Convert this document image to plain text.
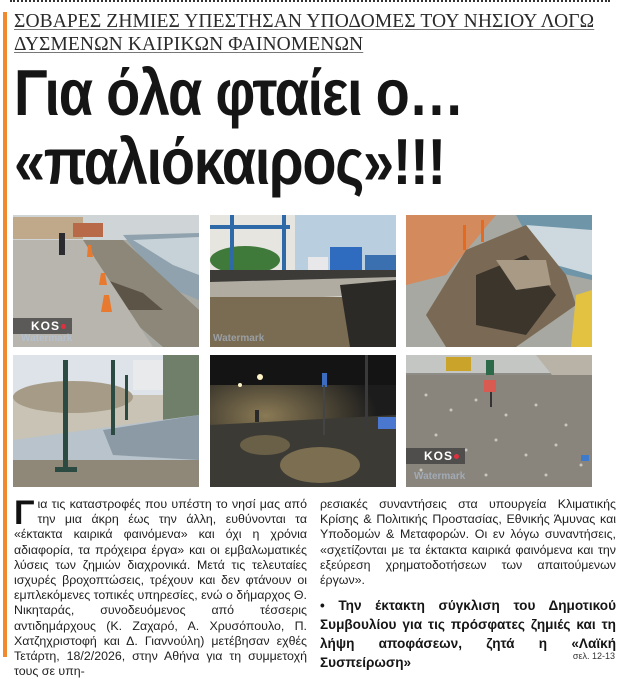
ΣΟΒΑΡΕΣ ΖΗΜΙΕΣ ΥΠΕΣΤΗΣΑΝ ΥΠΟΔΟΜΕΣ ΤΟΥ ΝΗΣΙΟΥ ΛΟΓΩ
ΔΥΣΜΕΝΩΝ ΚΑΙΡΙΚΩΝ ΦΑΙΝΟΜΕΝΩΝ
Για όλα φταίει ο…
«παλιόκαιρος»!!!
KOS
Watermark	Watermark
KOS
Watermark
Για τις καταστροφές που υπέστη το νησί μας από την μια άκρη έως την άλλη, ευθύνονται τα «έκτακτα καιρικά φαινόμενα» και όχι η χρόνια αδιαφορία, τα πρόχειρα έργα» και οι εμβαλωματικές λύσεις των ζημιών διαχρονικά. Μετά τις τελευταίες ισχυρές βροχοπτώσεις, τρέχουν και δεν φτάνουν οι εμπλεκόμενες τοπικές υπηρεσίες, ενώ ο δήμαρχος Θ. Νικηταράς, συνοδευόμενος από τέσσερις αντιδημάρχους (Κ. Ζαχαρό, Α. Χρυσόπουλο, Π. Χατζηχριστοφή και Δ. Γιαννούλη) μετέβησαν εχθές Τετάρτη, 18/2/2026, στην Αθήνα για τη συμμετοχή τους σε υπη-
ρεσιακές συναντήσεις στα υπουργεία Κλιματικής Κρίσης & Πολιτικής Προστασίας, Εθνικής Άμυνας και Υποδομών & Μεταφορών. Οι εν λόγω συναντήσεις, «σχετίζονται με τα έκτακτα καιρικά φαινόμενα και την εξεύρεση χρηματοδοτήσεων των απαιτούμενων έργων».
• Την έκτακτη σύγκλιση του Δημοτικού Συμβουλίου για τις πρόσφατες ζημιές και τη λήψη αποφάσεων, ζητά η «Λαϊκή Συσπείρωση»	σελ. 12-13
